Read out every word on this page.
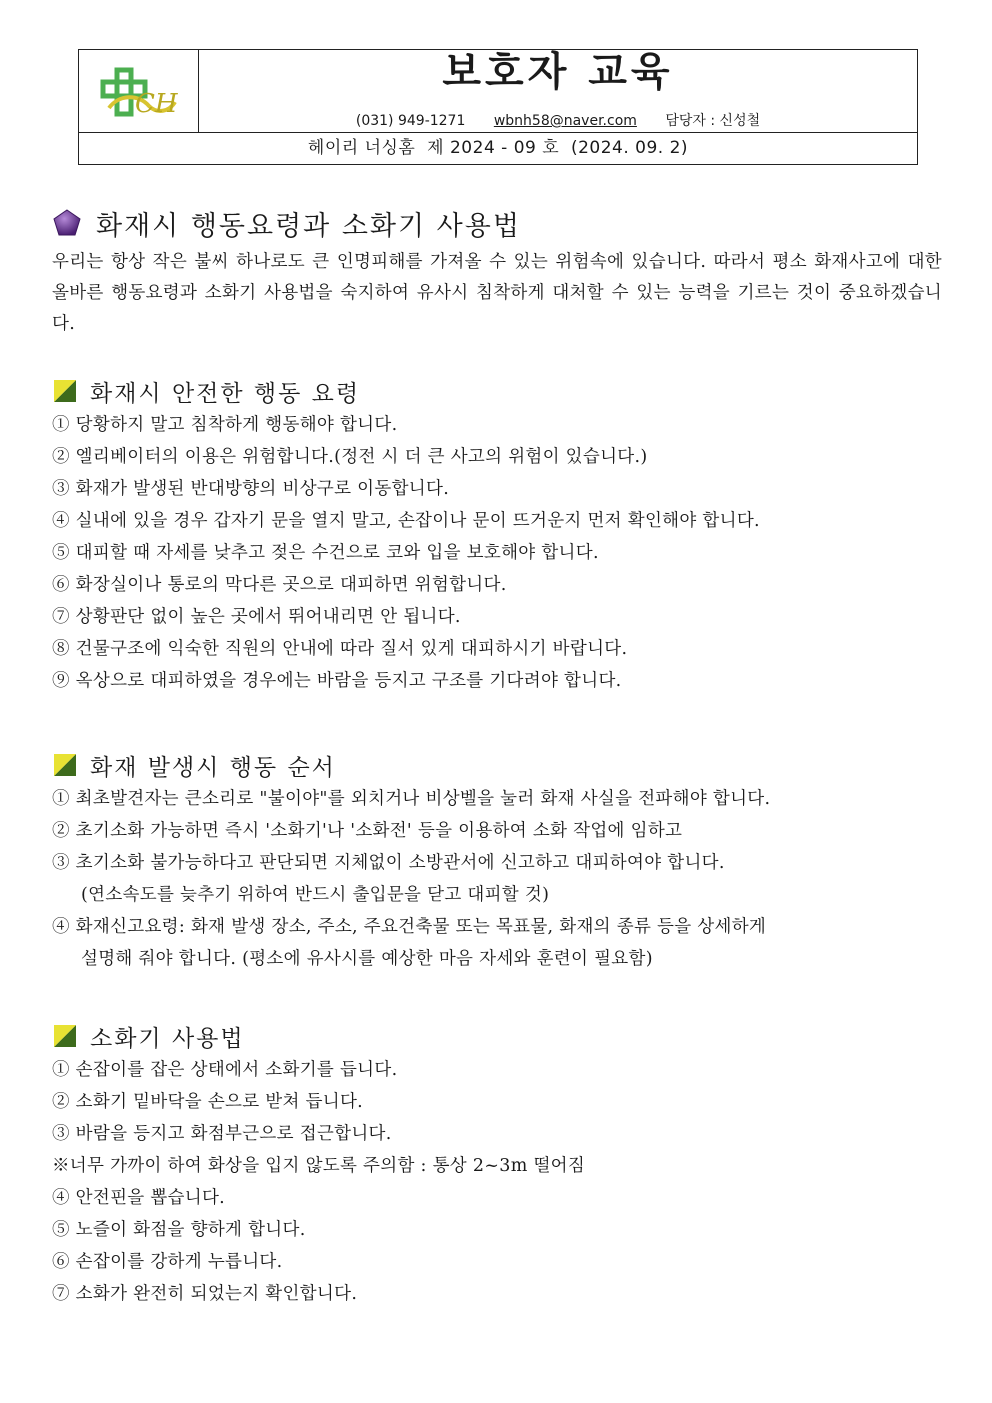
CH
보호자 교육
(031) 949-1271 wbnh58@naver.com 담당자 : 신성철
헤이리 너싱홈  제 2024 - 09 호  (2024. 09. 2)
화재시 행동요령과 소화기 사용법
우리는 항상 작은 불씨 하나로도 큰 인명피해를 가져올 수 있는 위험속에 있습니다. 따라서 평소 화재사고에 대한 올바른 행동요령과 소화기 사용법을 숙지하여 유사시 침착하게 대처할 수 있는 능력을 기르는 것이 중요하겠습니다.
화재시 안전한 행동 요령
① 당황하지 말고 침착하게 행동해야 합니다.
② 엘리베이터의 이용은 위험합니다.(정전 시 더 큰 사고의 위험이 있습니다.)
③ 화재가 발생된 반대방향의 비상구로 이동합니다.
④ 실내에 있을 경우 갑자기 문을 열지 말고, 손잡이나 문이 뜨거운지 먼저 확인해야 합니다.
⑤ 대피할 때 자세를 낮추고 젖은 수건으로 코와 입을 보호해야 합니다.
⑥ 화장실이나 통로의 막다른 곳으로 대피하면 위험합니다.
⑦ 상황판단 없이 높은 곳에서 뛰어내리면 안 됩니다.
⑧ 건물구조에 익숙한 직원의 안내에 따라 질서 있게 대피하시기 바랍니다.
⑨ 옥상으로 대피하였을 경우에는 바람을 등지고 구조를 기다려야 합니다.
화재 발생시 행동 순서
① 최초발견자는 큰소리로 "불이야"를 외치거나 비상벨을 눌러 화재 사실을 전파해야 합니다.
② 초기소화 가능하면 즉시 '소화기'나 '소화전' 등을 이용하여 소화 작업에 임하고
③ 초기소화 불가능하다고 판단되면 지체없이 소방관서에 신고하고 대피하여야 합니다.
(연소속도를 늦추기 위하여 반드시 출입문을 닫고 대피할 것)
④ 화재신고요령: 화재 발생 장소, 주소, 주요건축물 또는 목표물, 화재의 종류 등을 상세하게
설명해 줘야 합니다. (평소에 유사시를 예상한 마음 자세와 훈련이 필요함)
소화기 사용법
① 손잡이를 잡은 상태에서 소화기를 듭니다.
② 소화기 밑바닥을 손으로 받쳐 듭니다.
③ 바람을 등지고 화점부근으로 접근합니다.
※너무 가까이 하여 화상을 입지 않도록 주의함 : 통상 2~3m 떨어짐
④ 안전핀을 뽑습니다.
⑤ 노즐이 화점을 향하게 합니다.
⑥ 손잡이를 강하게 누릅니다.
⑦ 소화가 완전히 되었는지 확인합니다.
